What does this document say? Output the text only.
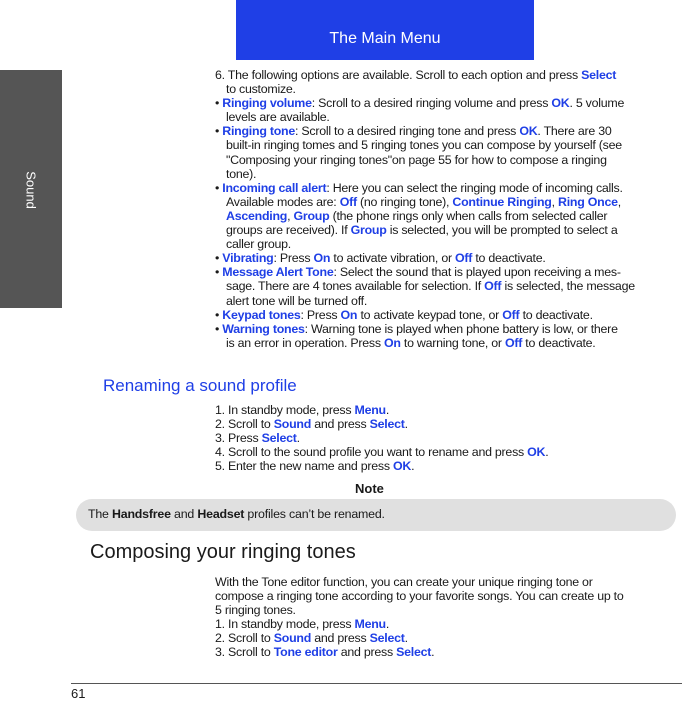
Sound
The Main Menu

6. The following options are available. Scroll to each option and press Select

to customize.

• Ringing volume: Scroll to a desired ringing volume and press OK. 5 volume

levels are available.

• Ringing tone: Scroll to a desired ringing tone and press OK. There are 30

built-in ringing tomes and 5 ringing tones you can compose by yourself (see

"Composing your ringing tones"on page 55 for how to compose a ringing

tone).

• Incoming call alert: Here you can select the ringing mode of incoming calls.

Available modes are: Off (no ringing tone), Continue Ringing, Ring Once,

Ascending, Group (the phone rings only when calls from selected caller

groups are received). If Group is selected, you will be prompted to select a

caller group.

• Vibrating: Press On to activate vibration, or Off to deactivate.

• Message Alert Tone: Select the sound that is played upon receiving a mes-

sage. There are 4 tones available for selection. If Off is selected, the message

alert tone will be turned off.

• Keypad tones: Press On to activate keypad tone, or Off to deactivate.

• Warning tones: Warning tone is played when phone battery is low, or there

is an error in operation. Press On to warning tone, or Off to deactivate.

Renaming a sound profile

1. In standby mode, press Menu.

2. Scroll to Sound and press Select.

3. Press Select.

4. Scroll to the sound profile you want to rename and press OK.

5. Enter the new name and press OK.

Note
The Handsfree and Headset profiles can’t be renamed.
Composing your ringing tones

With the Tone editor function, you can create your unique ringing tone or

compose a ringing tone according to your favorite songs. You can create up to

5 ringing tones.

1. In standby mode, press Menu.

2. Scroll to Sound and press Select.

3. Scroll to Tone editor and press Select.

61
